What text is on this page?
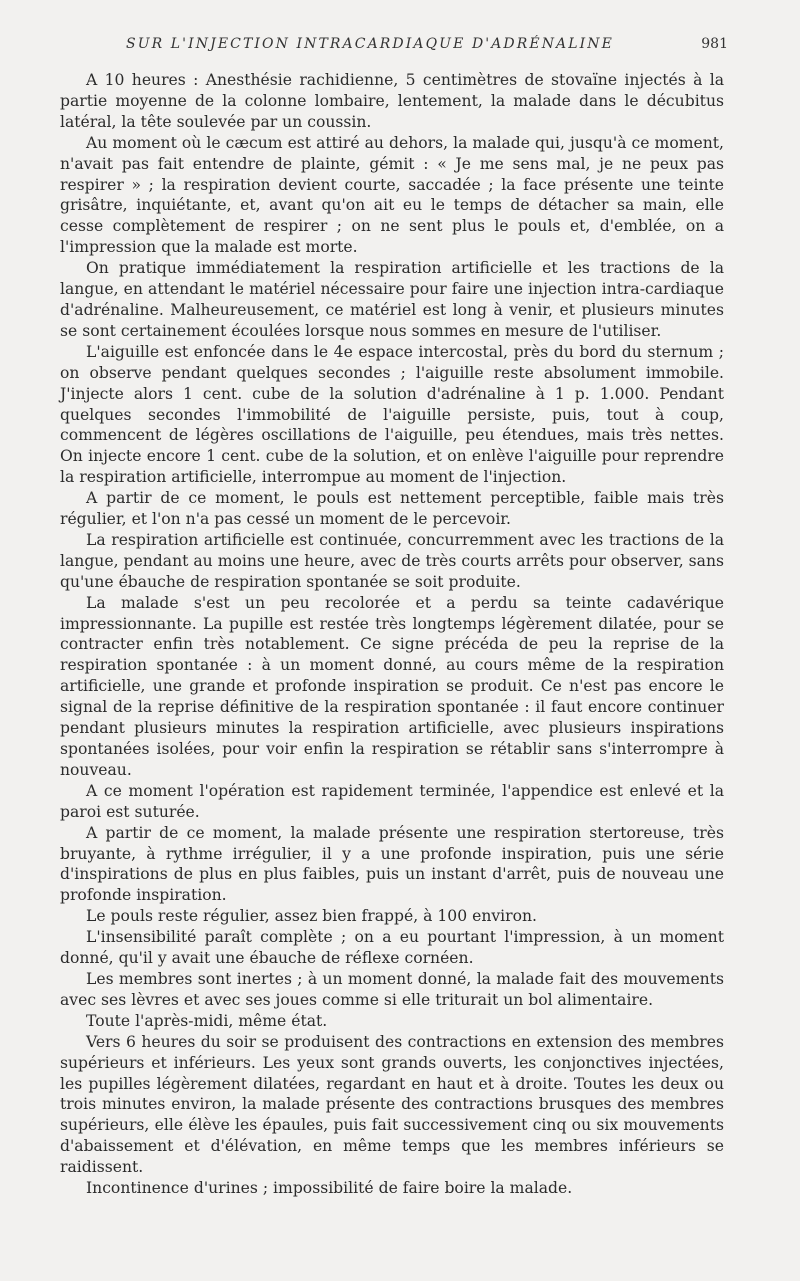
SUR L'INJECTION INTRACARDIAQUE D'ADRÉNALINE	981

A 10 heures : Anesthésie rachidienne, 5 centimètres de stovaïne injectés à la partie moyenne de la colonne lombaire, lentement, la malade dans le décubitus latéral, la tête soulevée par un coussin.

Au moment où le cæcum est attiré au dehors, la malade qui, jusqu'à ce moment, n'avait pas fait entendre de plainte, gémit : « Je me sens mal, je ne peux pas respirer » ; la respiration devient courte, saccadée ; la face présente une teinte grisâtre, inquiétante, et, avant qu'on ait eu le temps de détacher sa main, elle cesse complètement de respirer ; on ne sent plus le pouls et, d'emblée, on a l'impression que la malade est morte.

On pratique immédiatement la respiration artificielle et les tractions de la langue, en attendant le matériel nécessaire pour faire une injection intra-cardiaque d'adrénaline. Malheureusement, ce matériel est long à venir, et plusieurs minutes se sont certainement écoulées lorsque nous sommes en mesure de l'utiliser.

L'aiguille est enfoncée dans le 4e espace intercostal, près du bord du sternum ; on observe pendant quelques secondes ; l'aiguille reste absolument immobile. J'injecte alors 1 cent. cube de la solution d'adrénaline à 1 p. 1.000. Pendant quelques secondes l'immobilité de l'aiguille persiste, puis, tout à coup, commencent de légères oscillations de l'aiguille, peu étendues, mais très nettes. On injecte encore 1 cent. cube de la solution, et on enlève l'aiguille pour reprendre la respiration artificielle, interrompue au moment de l'injection.

A partir de ce moment, le pouls est nettement perceptible, faible mais très régulier, et l'on n'a pas cessé un moment de le percevoir.

La respiration artificielle est continuée, concurremment avec les tractions de la langue, pendant au moins une heure, avec de très courts arrêts pour observer, sans qu'une ébauche de respiration spontanée se soit produite.

La malade s'est un peu recolorée et a perdu sa teinte cadavérique impressionnante. La pupille est restée très longtemps légèrement dilatée, pour se contracter enfin très notablement. Ce signe précéda de peu la reprise de la respiration spontanée : à un moment donné, au cours même de la respiration artificielle, une grande et profonde inspiration se produit. Ce n'est pas encore le signal de la reprise définitive de la respiration spontanée : il faut encore continuer pendant plusieurs minutes la respiration artificielle, avec plusieurs inspirations spontanées isolées, pour voir enfin la respiration se rétablir sans s'interrompre à nouveau.

A ce moment l'opération est rapidement terminée, l'appendice est enlevé et la paroi est suturée.

A partir de ce moment, la malade présente une respiration stertoreuse, très bruyante, à rythme irrégulier, il y a une profonde inspiration, puis une série d'inspirations de plus en plus faibles, puis un instant d'arrêt, puis de nouveau une profonde inspiration.

Le pouls reste régulier, assez bien frappé, à 100 environ.

L'insensibilité paraît complète ; on a eu pourtant l'impression, à un moment donné, qu'il y avait une ébauche de réflexe cornéen.

Les membres sont inertes ; à un moment donné, la malade fait des mouvements avec ses lèvres et avec ses joues comme si elle triturait un bol alimentaire.

Toute l'après-midi, même état.

Vers 6 heures du soir se produisent des contractions en extension des membres supérieurs et inférieurs. Les yeux sont grands ouverts, les conjonctives injectées, les pupilles légèrement dilatées, regardant en haut et à droite. Toutes les deux ou trois minutes environ, la malade présente des contractions brusques des membres supérieurs, elle élève les épaules, puis fait successivement cinq ou six mouvements d'abaissement et d'élévation, en même temps que les membres inférieurs se raidissent.

Incontinence d'urines ; impossibilité de faire boire la malade.
